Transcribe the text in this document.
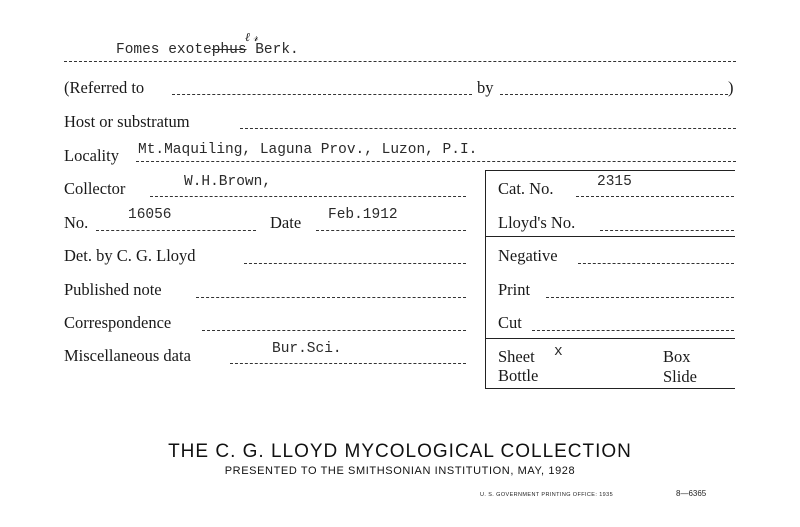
Fomes exotephus Berk.
ℓ 𝓇
(Referred to	by	)
Host or substratum
Locality Mt.Maquiling, Laguna Prov., Luzon, P.I.
Collector	W.H.Brown,	Cat. No.	2315
No.	16056	Date Feb.1912	Lloyd's No.
Det. by C. G. Lloyd	Negative
Published note	Print
Correspondence	Cut
Miscellaneous data	Bur.Sci.	Sheet x	Box
Bottle	Slide
THE C. G. LLOYD MYCOLOGICAL COLLECTION
PRESENTED TO THE SMITHSONIAN INSTITUTION, MAY, 1928
U. S. GOVERNMENT PRINTING OFFICE: 1935	8—6365
